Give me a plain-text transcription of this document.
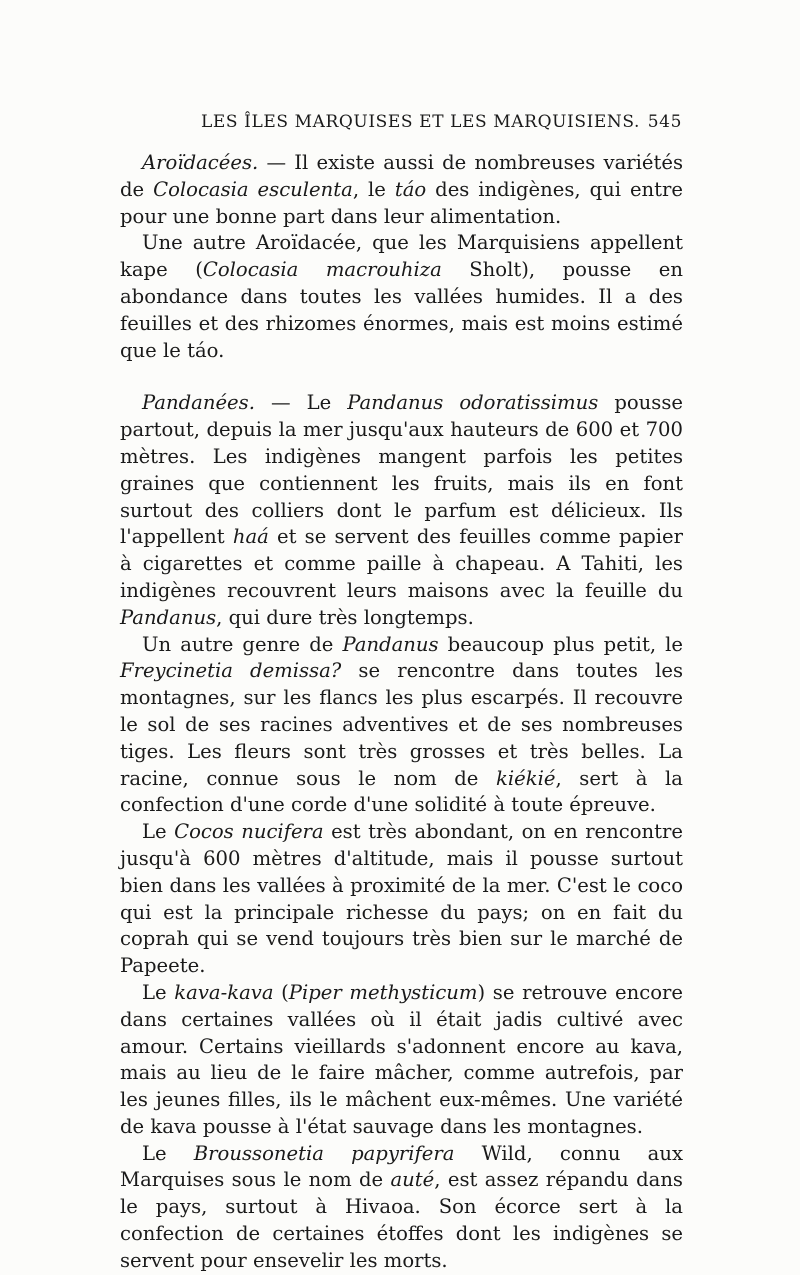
LES ÎLES MARQUISES ET LES MARQUISIENS. 545

Aroïdacées. — Il existe aussi de nombreuses variétés de Colocasia esculenta, le táo des indigènes, qui entre pour une bonne part dans leur alimentation.

Une autre Aroïdacée, que les Marquisiens appellent kape (Colocasia macrouhiza Sholt), pousse en abondance dans toutes les vallées humides. Il a des feuilles et des rhizomes énormes, mais est moins estimé que le táo.

Pandanées. — Le Pandanus odoratissimus pousse partout, depuis la mer jusqu'aux hauteurs de 600 et 700 mètres. Les indigènes mangent parfois les petites graines que contiennent les fruits, mais ils en font surtout des colliers dont le parfum est délicieux. Ils l'appellent haá et se servent des feuilles comme papier à cigarettes et comme paille à chapeau. A Tahiti, les indigènes recouvrent leurs maisons avec la feuille du Pandanus, qui dure très longtemps.

Un autre genre de Pandanus beaucoup plus petit, le Freycinetia demissa? se rencontre dans toutes les montagnes, sur les flancs les plus escarpés. Il recouvre le sol de ses racines adventives et de ses nombreuses tiges. Les fleurs sont très grosses et très belles. La racine, connue sous le nom de kiékié, sert à la confection d'une corde d'une solidité à toute épreuve.

Le Cocos nucifera est très abondant, on en rencontre jusqu'à 600 mètres d'altitude, mais il pousse surtout bien dans les vallées à proximité de la mer. C'est le coco qui est la principale richesse du pays; on en fait du coprah qui se vend toujours très bien sur le marché de Papeete.

Le kava-kava (Piper methysticum) se retrouve encore dans certaines vallées où il était jadis cultivé avec amour. Certains vieillards s'adonnent encore au kava, mais au lieu de le faire mâcher, comme autrefois, par les jeunes filles, ils le mâchent eux-mêmes. Une variété de kava pousse à l'état sauvage dans les montagnes.

Le Broussonetia papyrifera Wild, connu aux Marquises sous le nom de auté, est assez répandu dans le pays, surtout à Hivaoa. Son écorce sert à la confection de certaines étoffes dont les indigènes se servent pour ensevelir les morts.
